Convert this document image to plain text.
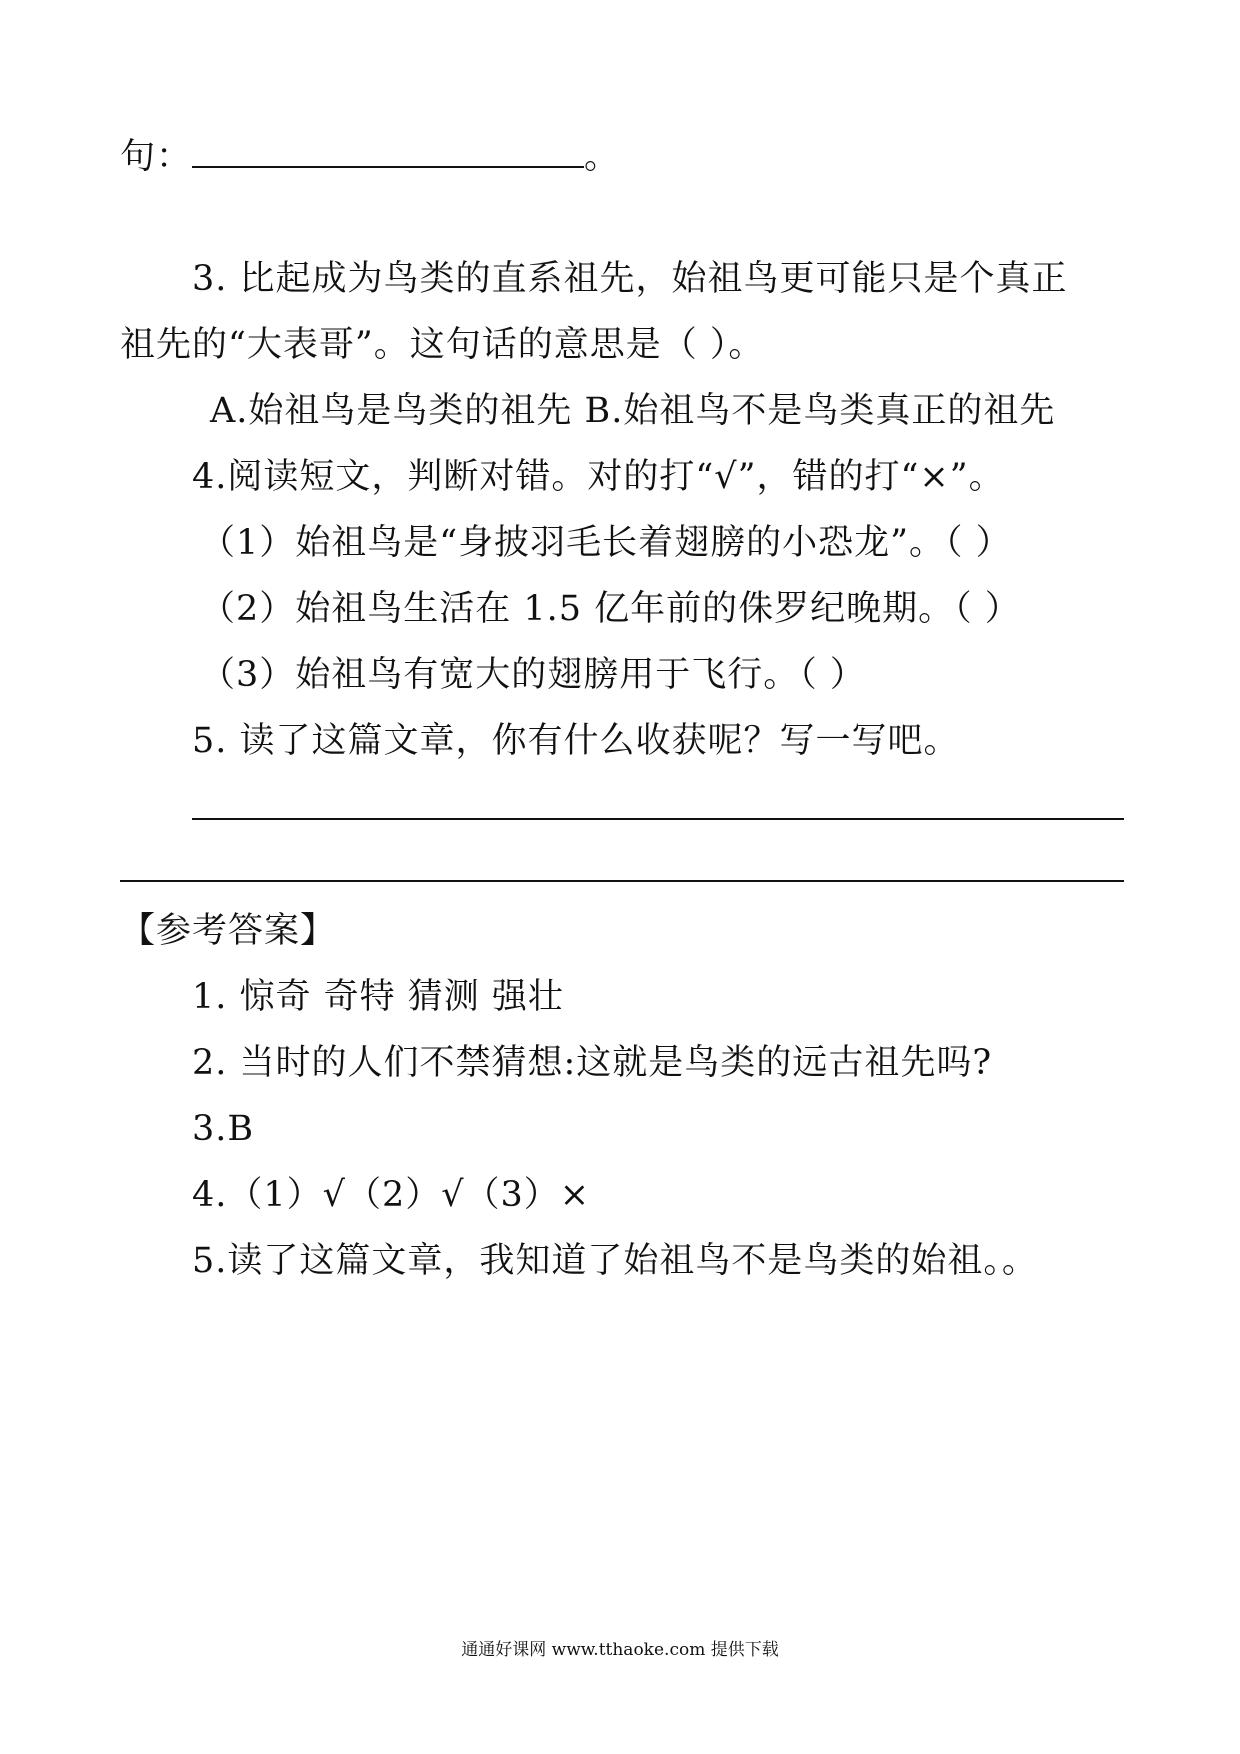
句：	。
3. 比起成为鸟类的直系祖先，始祖鸟更可能只是个真正
祖先的“大表哥”。这句话的意思是（ ）。
A.始祖鸟是鸟类的祖先 B.始祖鸟不是鸟类真正的祖先
4.阅读短文，判断对错。对的打“√”，错的打“×”。
（1）始祖鸟是“身披羽毛长着翅膀的小恐龙”。（ ）
（2）始祖鸟生活在 1.5 亿年前的侏罗纪晚期。（ ）
（3）始祖鸟有宽大的翅膀用于飞行。（ ）
5. 读了这篇文章，你有什么收获呢？写一写吧。
【参考答案】
1. 惊奇 奇特 猜测 强壮
2. 当时的人们不禁猜想:这就是鸟类的远古祖先吗?
3.B
4.（1）√（2）√（3）×
5.读了这篇文章，我知道了始祖鸟不是鸟类的始祖。。
通通好课网 www.tthaoke.com 提供下载
